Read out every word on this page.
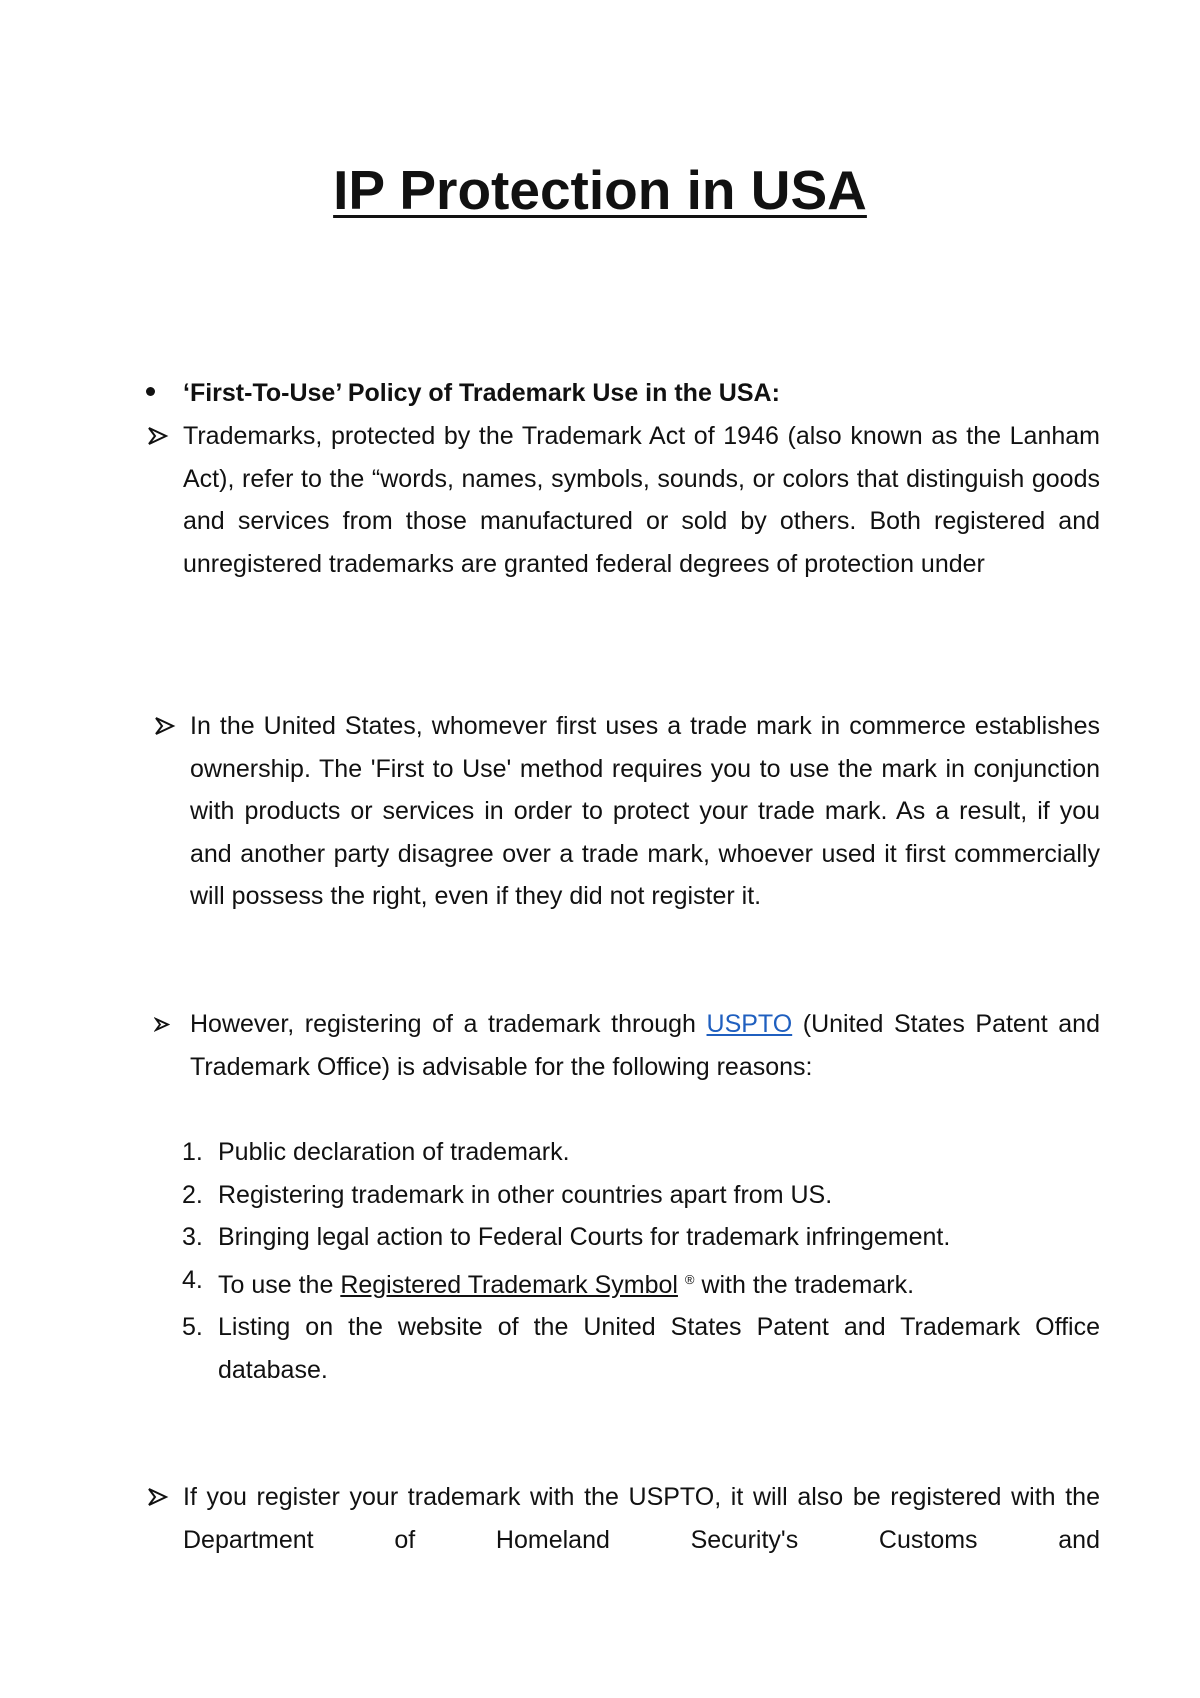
IP Protection in USA
‘First-To-Use’ Policy of Trademark Use in the USA:
Trademarks, protected by the Trademark Act of 1946 (also known as the Lanham Act), refer to the “words, names, symbols, sounds, or colors that distinguish goods and services from those manufactured or sold by others. Both registered and unregistered trademarks are granted federal degrees of protection under
In the United States, whomever first uses a trade mark in commerce establishes ownership. The 'First to Use' method requires you to use the mark in conjunction with products or services in order to protect your trade mark. As a result, if you and another party disagree over a trade mark, whoever used it first commercially will possess the right, even if they did not register it.
However, registering of a trademark through USPTO (United States Patent and Trademark Office) is advisable for the following reasons:
1. Public declaration of trademark.
2. Registering trademark in other countries apart from US.
3. Bringing legal action to Federal Courts for trademark infringement.
4. To use the Registered Trademark Symbol ® with the trademark.
5. Listing on the website of the United States Patent and Trademark Office database.
If you register your trademark with the USPTO, it will also be registered with the Department of Homeland Security's Customs and
